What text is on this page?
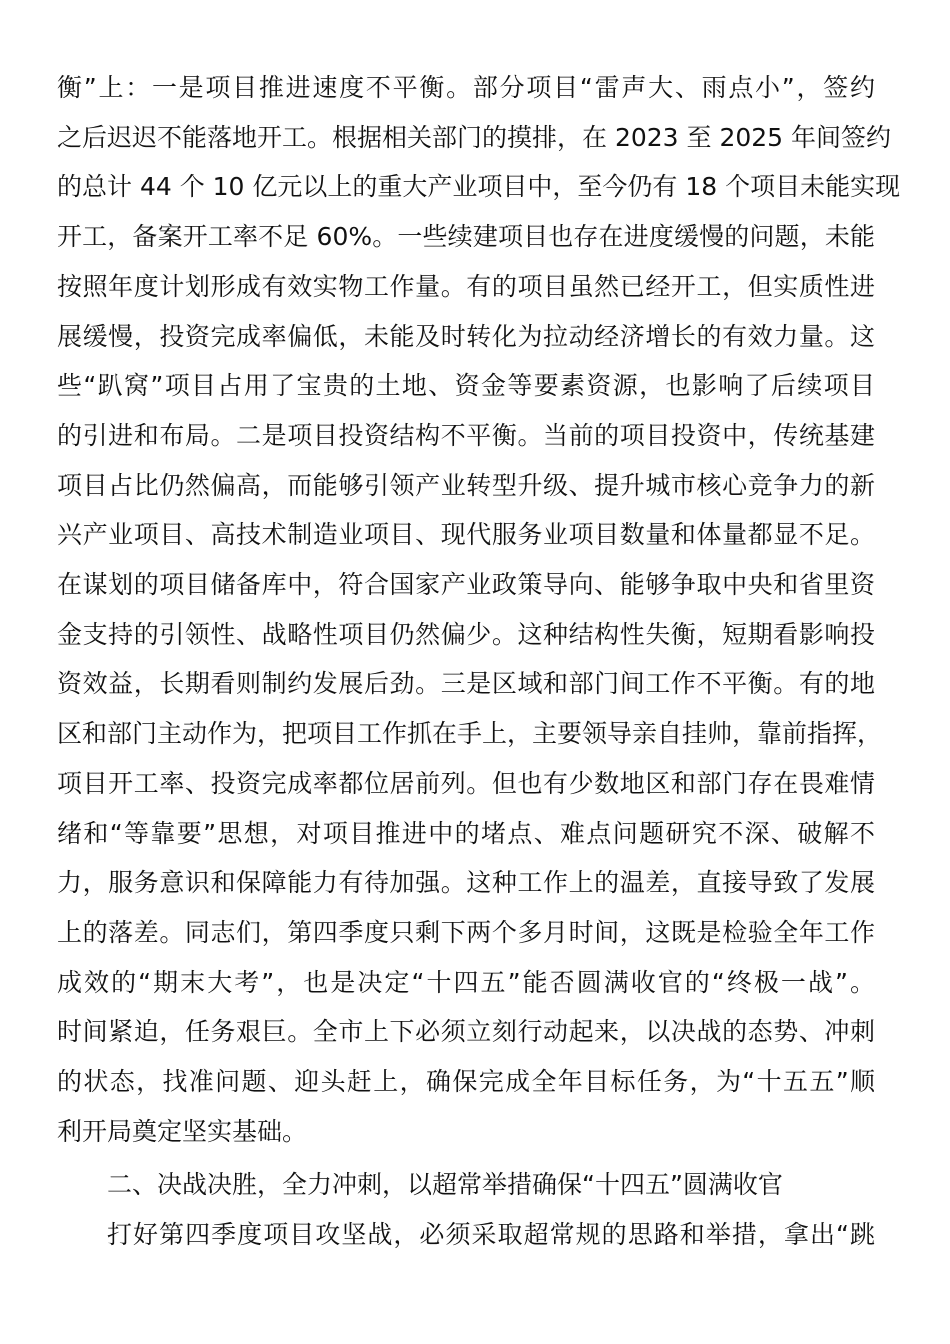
衡”上：一是项目推进速度不平衡。部分项目“雷声大、雨点小”，签约
之后迟迟不能落地开工。根据相关部门的摸排，在 2023 至 2025 年间签约
的总计 44 个 10 亿元以上的重大产业项目中，至今仍有 18 个项目未能实现
开工，备案开工率不足 60%。一些续建项目也存在进度缓慢的问题，未能
按照年度计划形成有效实物工作量。有的项目虽然已经开工，但实质性进
展缓慢，投资完成率偏低，未能及时转化为拉动经济增长的有效力量。这
些“趴窝”项目占用了宝贵的土地、资金等要素资源，也影响了后续项目
的引进和布局。二是项目投资结构不平衡。当前的项目投资中，传统基建
项目占比仍然偏高，而能够引领产业转型升级、提升城市核心竞争力的新
兴产业项目、高技术制造业项目、现代服务业项目数量和体量都显不足。
在谋划的项目储备库中，符合国家产业政策导向、能够争取中央和省里资
金支持的引领性、战略性项目仍然偏少。这种结构性失衡，短期看影响投
资效益，长期看则制约发展后劲。三是区域和部门间工作不平衡。有的地
区和部门主动作为，把项目工作抓在手上，主要领导亲自挂帅，靠前指挥，
项目开工率、投资完成率都位居前列。但也有少数地区和部门存在畏难情
绪和“等靠要”思想，对项目推进中的堵点、难点问题研究不深、破解不
力，服务意识和保障能力有待加强。这种工作上的温差，直接导致了发展
上的落差。同志们，第四季度只剩下两个多月时间，这既是检验全年工作
成效的“期末大考”，也是决定“十四五”能否圆满收官的“终极一战”。
时间紧迫，任务艰巨。全市上下必须立刻行动起来，以决战的态势、冲刺
的状态，找准问题、迎头赶上，确保完成全年目标任务，为“十五五”顺
利开局奠定坚实基础。
二、决战决胜，全力冲刺，以超常举措确保“十四五”圆满收官
打好第四季度项目攻坚战，必须采取超常规的思路和举措，拿出“跳
